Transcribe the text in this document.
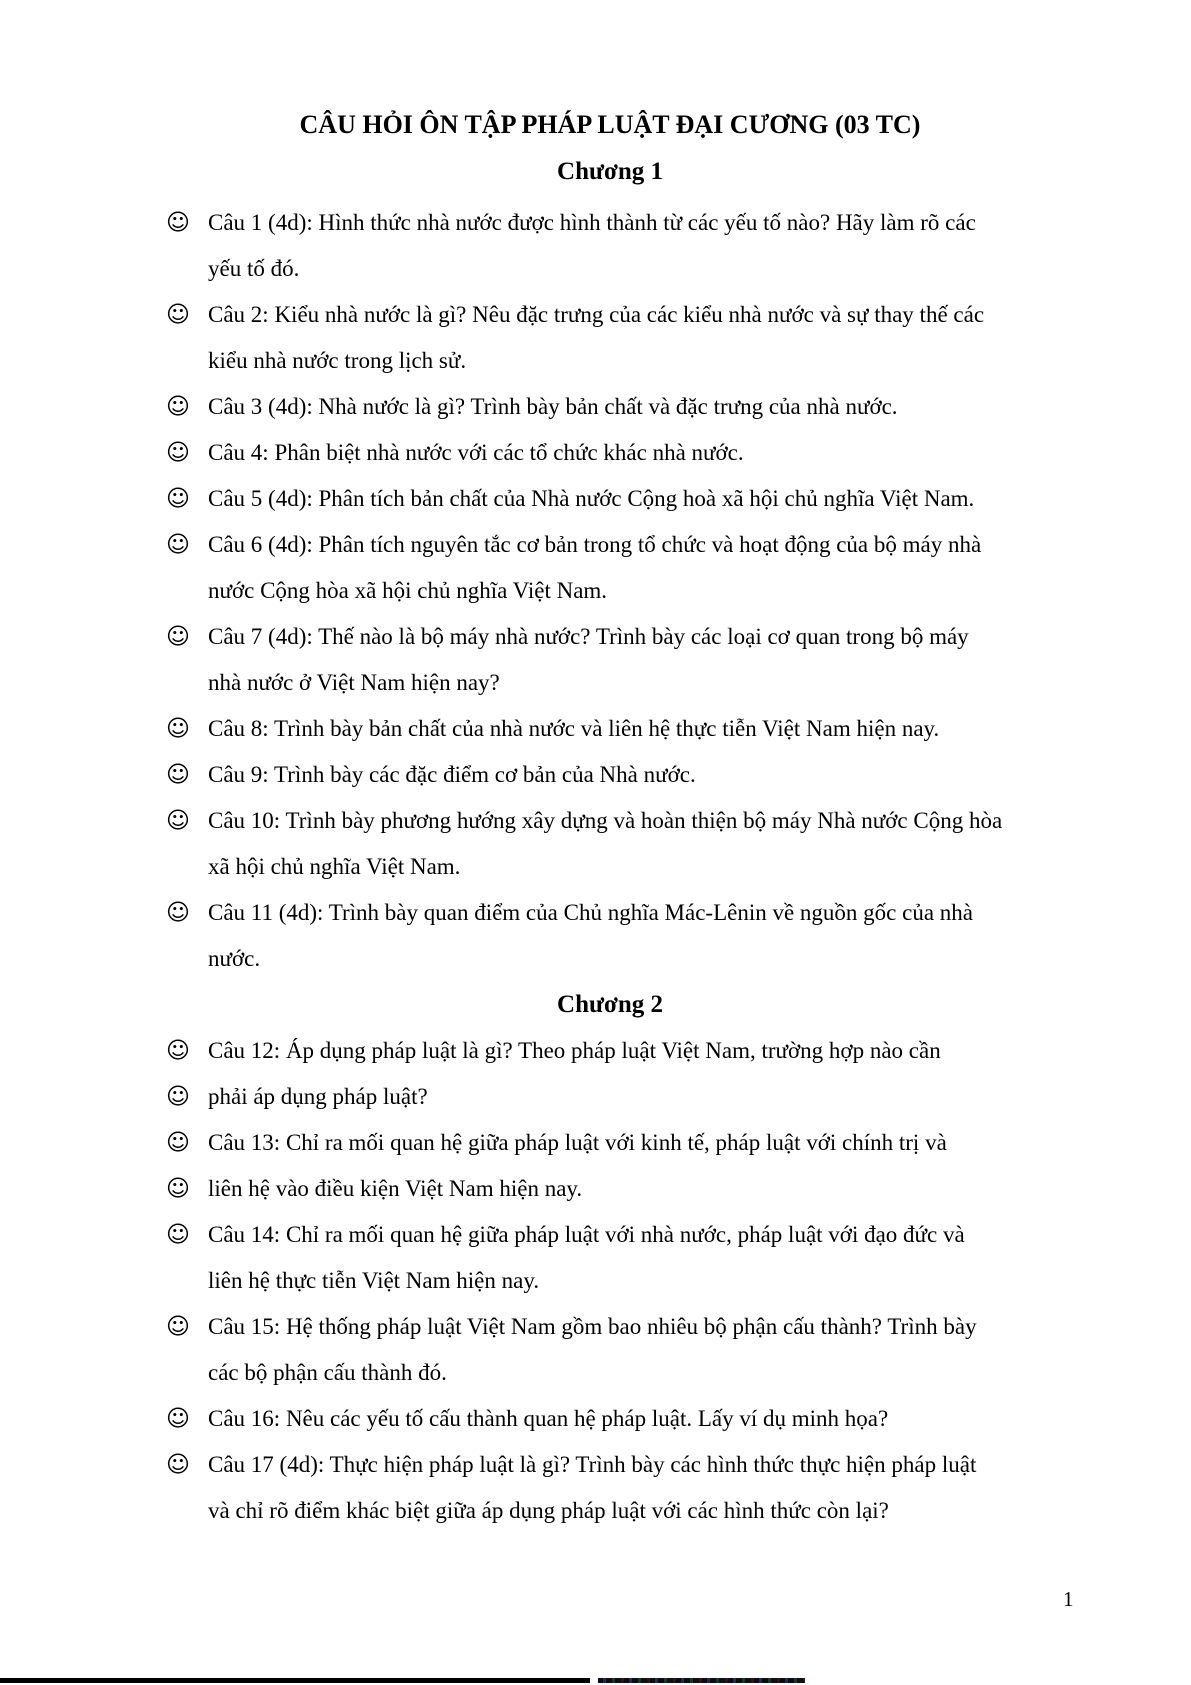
CÂU HỎI ÔN TẬP PHÁP LUẬT ĐẠI CƯƠNG (03 TC)
Chương 1
☺ Câu 1 (4d): Hình thức nhà nước được hình thành từ các yếu tố nào? Hãy làm rõ các
yếu tố đó.
☺ Câu 2: Kiểu nhà nước là gì? Nêu đặc trưng của các kiểu nhà nước và sự thay thế các
kiểu nhà nước trong lịch sử.
☺ Câu 3 (4d): Nhà nước là gì? Trình bày bản chất và đặc trưng của nhà nước.
☺ Câu 4: Phân biệt nhà nước với các tổ chức khác nhà nước.
☺ Câu 5 (4d): Phân tích bản chất của Nhà nước Cộng hoà xã hội chủ nghĩa Việt Nam.
☺ Câu 6 (4d): Phân tích nguyên tắc cơ bản trong tổ chức và hoạt động của bộ máy nhà
nước Cộng hòa xã hội chủ nghĩa Việt Nam.
☺ Câu 7 (4d): Thế nào là bộ máy nhà nước? Trình bày các loại cơ quan trong bộ máy
nhà nước ở Việt Nam hiện nay?
☺ Câu 8: Trình bày bản chất của nhà nước và liên hệ thực tiễn Việt Nam hiện nay.
☺ Câu 9: Trình bày các đặc điểm cơ bản của Nhà nước.
☺ Câu 10: Trình bày phương hướng xây dựng và hoàn thiện bộ máy Nhà nước Cộng hòa
xã hội chủ nghĩa Việt Nam.
☺ Câu 11 (4d): Trình bày quan điểm của Chủ nghĩa Mác-Lênin về nguồn gốc của nhà
nước.
Chương 2
☺ Câu 12: Áp dụng pháp luật là gì? Theo pháp luật Việt Nam, trường hợp nào cần
☺ phải áp dụng pháp luật?
☺ Câu 13: Chỉ ra mối quan hệ giữa pháp luật với kinh tế, pháp luật với chính trị và
☺ liên hệ vào điều kiện Việt Nam hiện nay.
☺ Câu 14: Chỉ ra mối quan hệ giữa pháp luật với nhà nước, pháp luật với đạo đức và
liên hệ thực tiễn Việt Nam hiện nay.
☺ Câu 15: Hệ thống pháp luật Việt Nam gồm bao nhiêu bộ phận cấu thành? Trình bày
các bộ phận cấu thành đó.
☺ Câu 16: Nêu các yếu tố cấu thành quan hệ pháp luật. Lấy ví dụ minh họa?
☺ Câu 17 (4d): Thực hiện pháp luật là gì? Trình bày các hình thức thực hiện pháp luật
và chỉ rõ điểm khác biệt giữa áp dụng pháp luật với các hình thức còn lại?
1
